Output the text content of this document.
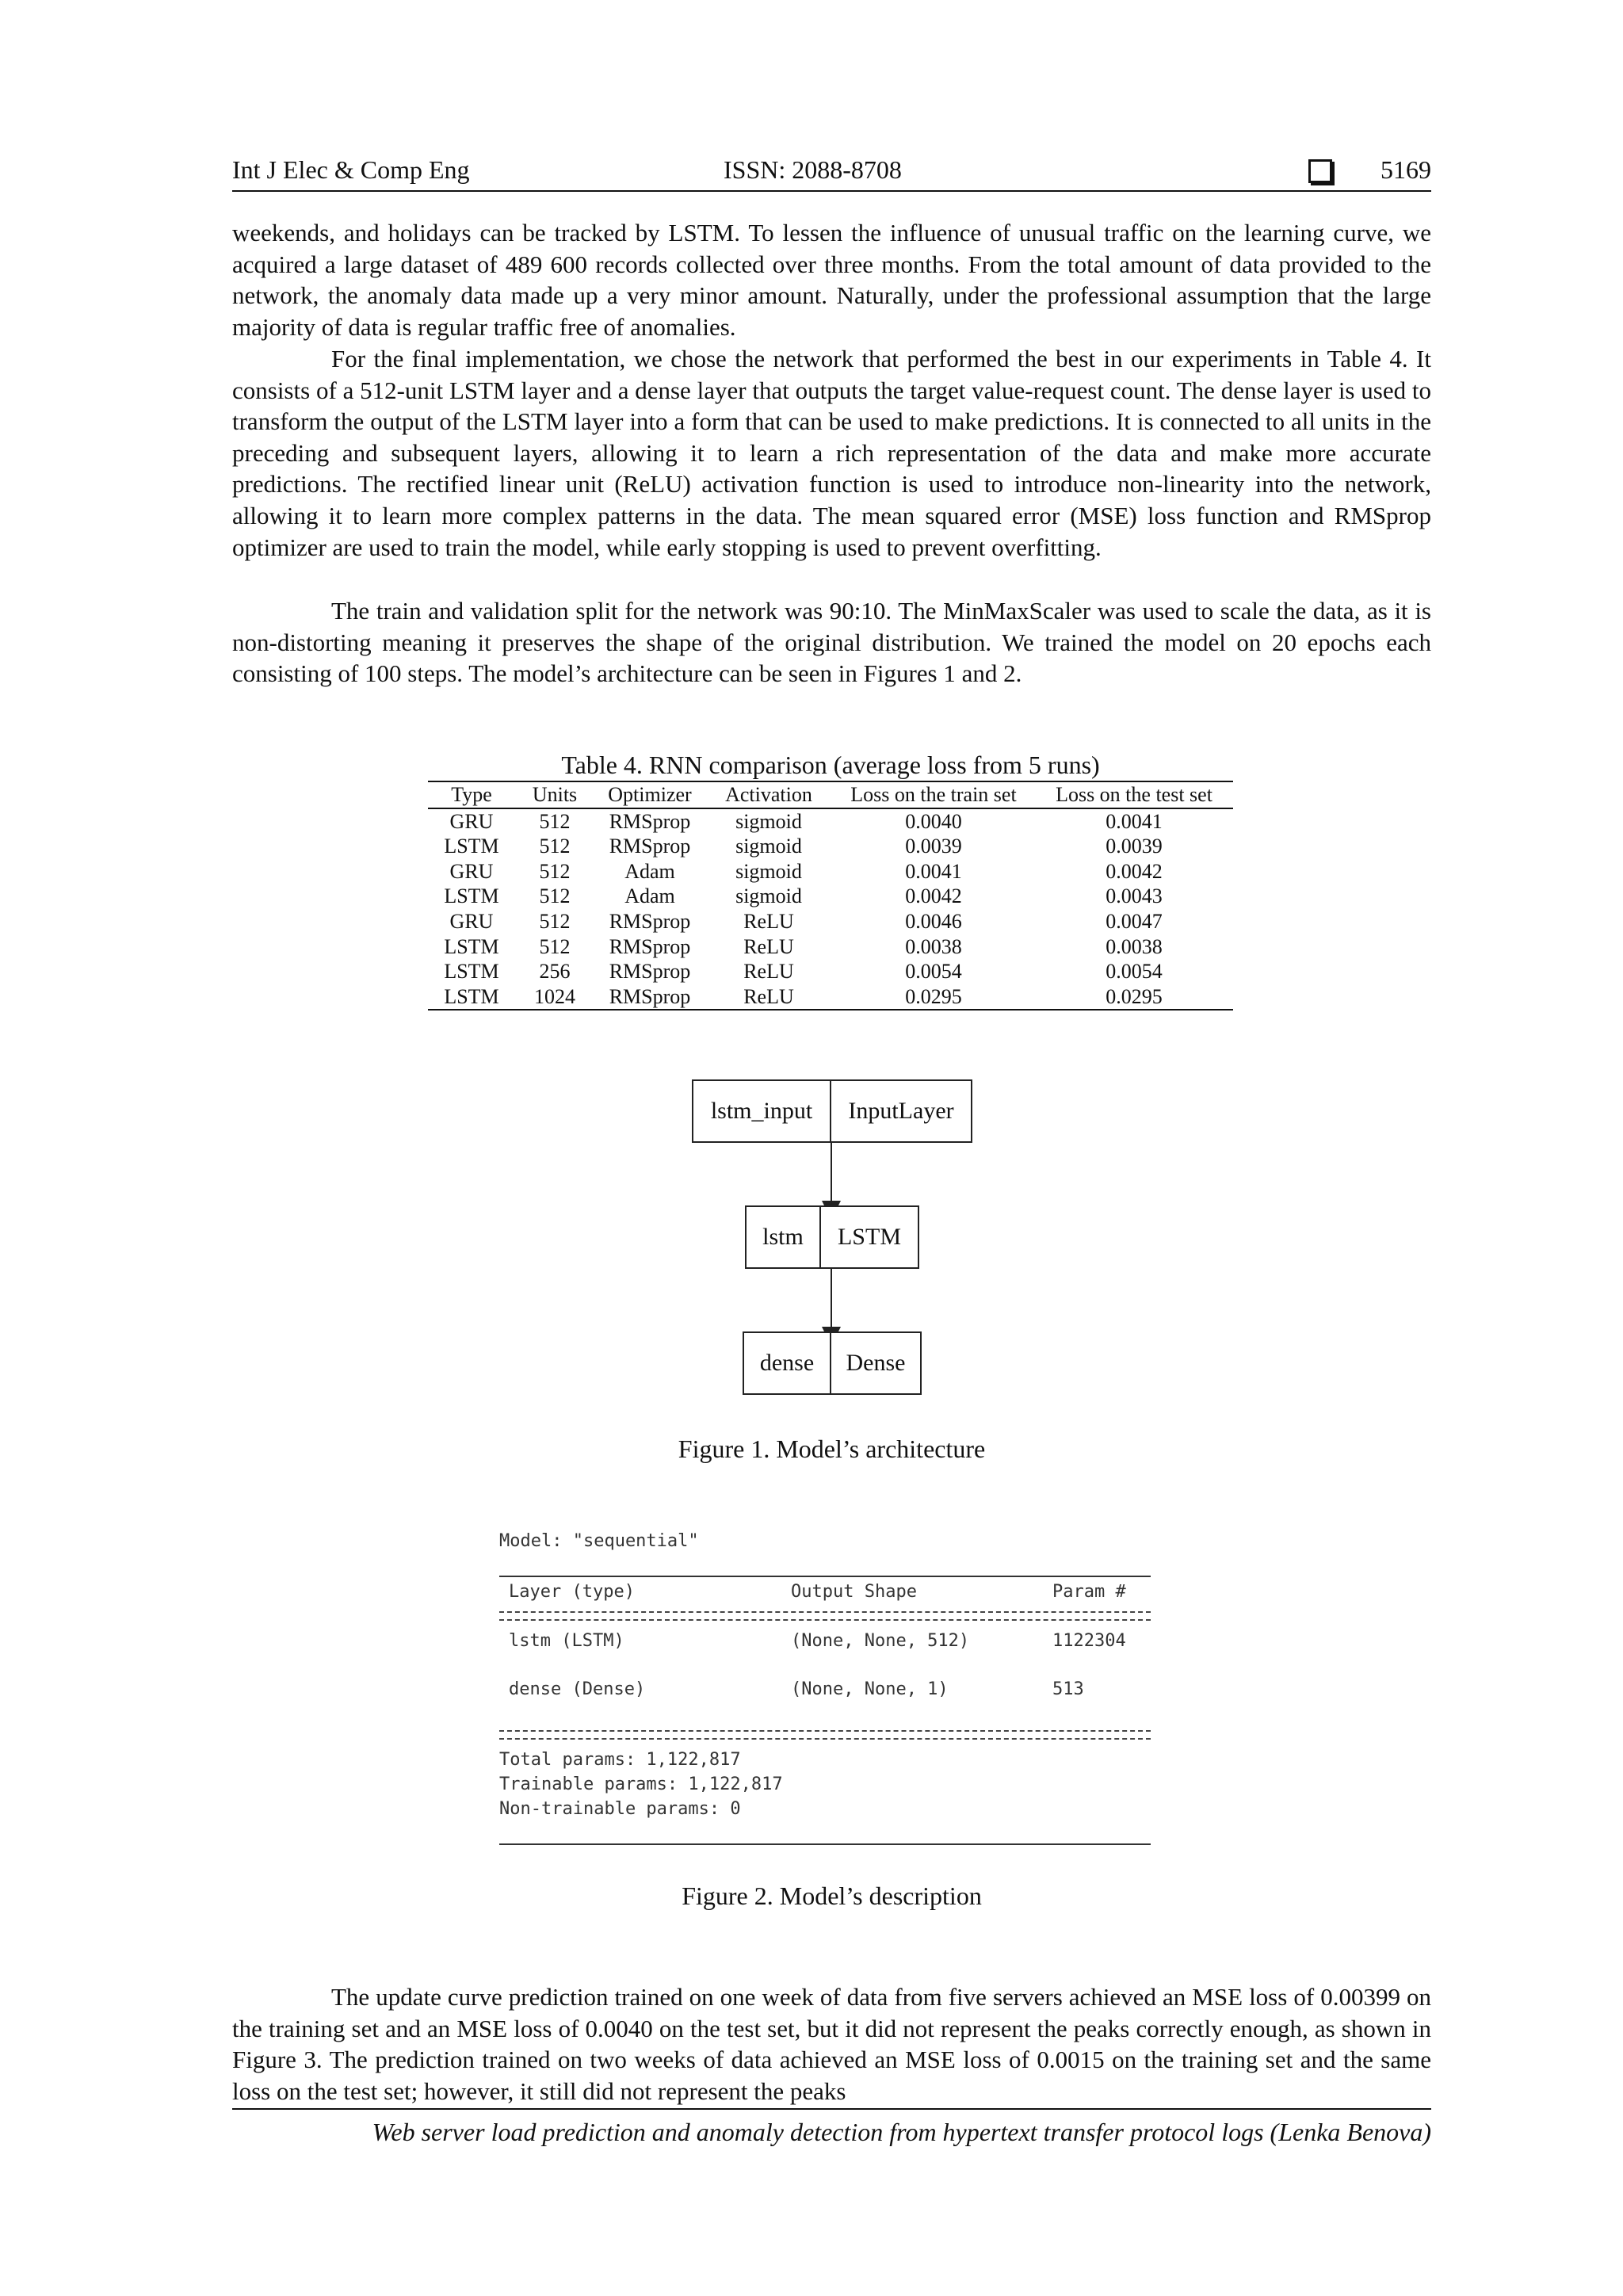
Int J Elec & Comp Eng	ISSN: 2088-8708	5169

weekends, and holidays can be tracked by LSTM. To lessen the influence of unusual traffic on the learning curve, we acquired a large dataset of 489 600 records collected over three months. From the total amount of data provided to the network, the anomaly data made up a very minor amount. Naturally, under the professional assumption that the large majority of data is regular traffic free of anomalies.

For the final implementation, we chose the network that performed the best in our experiments in Table 4. It consists of a 512-unit LSTM layer and a dense layer that outputs the target value-request count. The dense layer is used to transform the output of the LSTM layer into a form that can be used to make predictions. It is connected to all units in the preceding and subsequent layers, allowing it to learn a rich representation of the data and make more accurate predictions. The rectified linear unit (ReLU) activation function is used to introduce non-linearity into the network, allowing it to learn more complex patterns in the data. The mean squared error (MSE) loss function and RMSprop optimizer are used to train the model, while early stopping is used to prevent overfitting.

The train and validation split for the network was 90:10. The MinMaxScaler was used to scale the data, as it is non-distorting meaning it preserves the shape of the original distribution. We trained the model on 20 epochs each consisting of 100 steps. The model’s architecture can be seen in Figures 1 and 2.

Table 4. RNN comparison (average loss from 5 runs)
Type	Units	Optimizer	Activation	Loss on the train set	Loss on the test set
GRU	512	RMSprop	sigmoid	0.0040	0.0041
LSTM	512	RMSprop	sigmoid	0.0039	0.0039
GRU	512	Adam	sigmoid	0.0041	0.0042
LSTM	512	Adam	sigmoid	0.0042	0.0043
GRU	512	RMSprop	ReLU	0.0046	0.0047
LSTM	512	RMSprop	ReLU	0.0038	0.0038
LSTM	256	RMSprop	ReLU	0.0054	0.0054
LSTM	1024	RMSprop	ReLU	0.0295	0.0295
lstm_input	InputLayer
lstm	LSTM
dense	Dense
Figure 1. Model’s architecture
Model: "sequential"
Layer (type)	Output Shape	Param #
lstm (LSTM)	(None, None, 512)	1122304
dense (Dense)	(None, None, 1)	513
Total params: 1,122,817
Trainable params: 1,122,817
Non-trainable params: 0
Figure 2. Model’s description

The update curve prediction trained on one week of data from five servers achieved an MSE loss of 0.00399 on the training set and an MSE loss of 0.0040 on the test set, but it did not represent the peaks correctly enough, as shown in Figure 3. The prediction trained on two weeks of data achieved an MSE loss of 0.0015 on the training set and the same loss on the test set; however, it still did not represent the peaks

Web server load prediction and anomaly detection from hypertext transfer protocol logs (Lenka Benova)
